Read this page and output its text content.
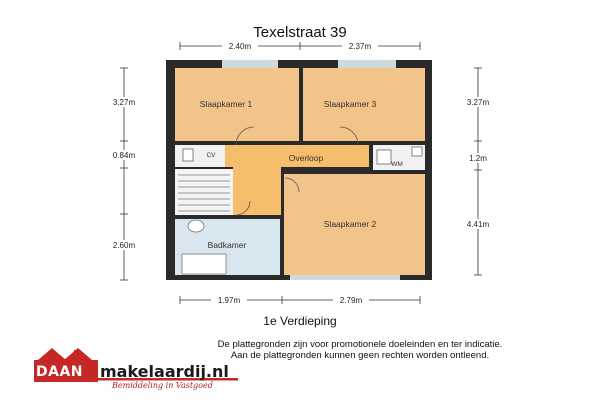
Texelstraat 39
Slaapkamer 1	Slaapkamer 3
Overloop
CV
WM
Badkamer
Slaapkamer 2
2.40m	2.37m
1.97m	2.79m
3.27m
0.84m
2.60m
3.27m
1.2m
4.41m
1e Verdieping
De plattegronden zijn voor promotionele doeleinden en ter indicatie.
Aan de plattegronden kunnen geen rechten worden ontleend.
DAAN makelaardij.nl
Bemiddeling in Vastgoed
